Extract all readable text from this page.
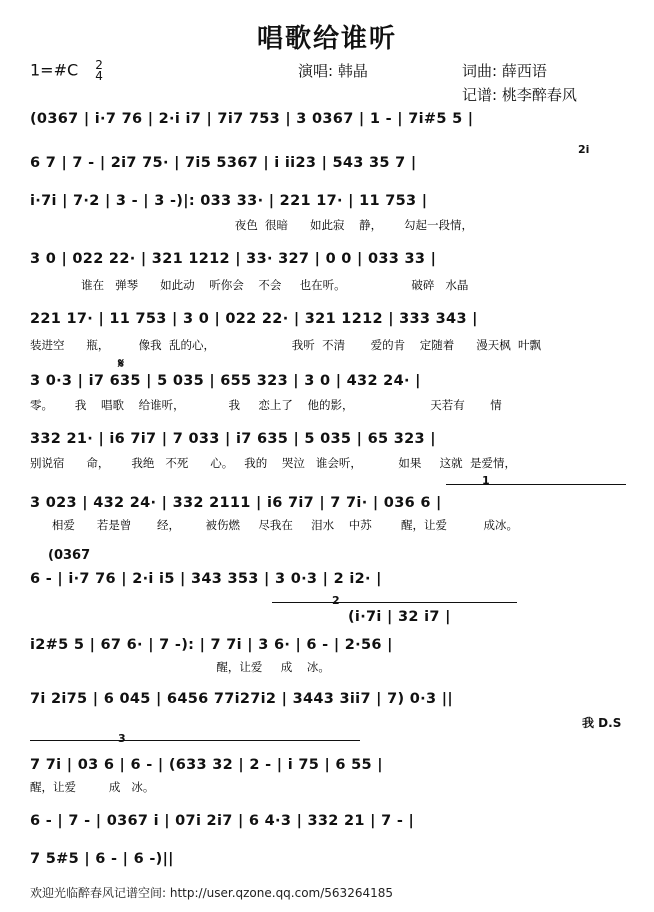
唱歌给谁听
1=#C 2
4	演唱: 韩晶	词曲: 薛西语
记谱: 桃李醉春风
(0367 | i·7 76 | 2·i i7 | 7i7 753 | 3 0367 | 1 - | 7i#5 5 |
6 7 | 7 - | 2i7 75· | 7i5 5367 | i ii23 | 543 35 7 |
2i
i·7i | 7·2 | 3 - | 3 -)|: 033 33· | 221 17· | 11 753 |
夜色  很暗      如此寂    静，      勾起一段情，
3 0 | 022 22· | 321 1212 | 33· 327 | 0 0 | 033 33 |
谁在   弹琴      如此动    听你会    不会     也在听。                  破碎   水晶
221 17· | 11 753 | 3 0 | 022 22· | 321 1212 | 333 343 |
装进空      瓶，        像我  乱的心，                     我听  不清       爱的肯    定随着      漫天枫  叶飘
𝄋
3 0·3 | i7 635 | 5 035 | 655 323 | 3 0 | 432 24· |
零。      我    唱歌    给谁听，            我     恋上了    他的影，                     天若有       情
332 21· | i6 7i7 | 7 033 | i7 635 | 5 035 | 65 323 |
别说宿      命，      我绝   不死      心。   我的    哭泣   谁会听，          如果     这就  是爱情，
1
3 023 | 432 24· | 332 2111 | i6 7i7 | 7 7i· | 036 6 |
相爱      若是曾       经，       被伤燃     尽我在     泪水    中苏        醒，让爱          成冰。
(0367
6 - | i·7 76 | 2·i i5 | 343 353 | 3 0·3 | 2 i2· |
2
(i·7i | 32 i7 |
i2#5 5 | 67 6· | 7 -): | 7 7i | 3 6· | 6 - | 2·56 |
醒，让爱     成    冰。
7i 2i75 | 6 045 | 6456 77i27i2 | 3443 3ii7 | 7) 0·3 ||
我 D.S
3
7 7i | 03 6 | 6 - | (633 32 | 2 - | i 75 | 6 55 |
醒，让爱         成   冰。
6 - | 7 - | 0367 i | 07i 2i7 | 6 4·3 | 332 21 | 7 - |
7 5#5 | 6 - | 6 -)||
欢迎光临醉春风记谱空间: http://user.qzone.qq.com/563264185
